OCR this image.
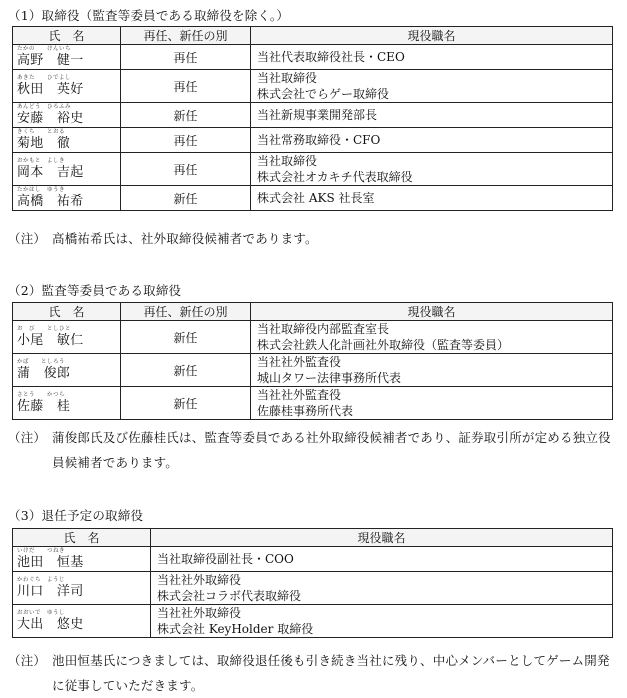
（1）取締役（監査等委員である取締役を除く。）
氏　名	再任、新任の別	現役職名

たかの　　けんいち
高野　健一	再任	当社代表取締役社長・CEO

あきた　　ひでよし
秋田　英好	再任	当社取締役
株式会社でらゲー取締役

あんどう　ひろふみ
安藤　裕史	新任	当社新規事業開発部長

きくち　　とおる
菊地　徹	再任	当社常務取締役・CFO

おかもと　よしき
岡本　吉起	再任	当社取締役
株式会社オカキチ代表取締役

たかはし　ゆうき
高橋　祐希	新任	株式会社 AKS 社長室
（注） 高橋祐希氏は、社外取締役候補者であります。
（2）監査等委員である取締役
氏　名	再任、新任の別	現役職名

お　び　　としひと
小尾　敏仁	新任	当社取締役内部監査室長
株式会社鉄人化計画社外取締役（監査等委員）

かば　　としろう
蒲　俊郎	新任	当社社外監査役
城山タワー法律事務所代表

さとう　　かつら
佐藤　桂	新任	当社社外監査役
佐藤桂事務所代表
（注） 蒲俊郎氏及び佐藤桂氏は、監査等委員である社外取締役候補者であり、証券取引所が定める独立役員候補者であります。
（3）退任予定の取締役
氏　名	現役職名

いけだ　　つねき
池田　恒基	当社取締役副社長・COO

かわぐち　ようじ
川口　洋司	当社社外取締役
株式会社コラボ代表取締役

おおいで　ゆうし
大出　悠史	当社社外取締役
株式会社 KeyHolder 取締役
（注） 池田恒基氏につきましては、取締役退任後も引き続き当社に残り、中心メンバーとしてゲーム開発に従事していただきます。
